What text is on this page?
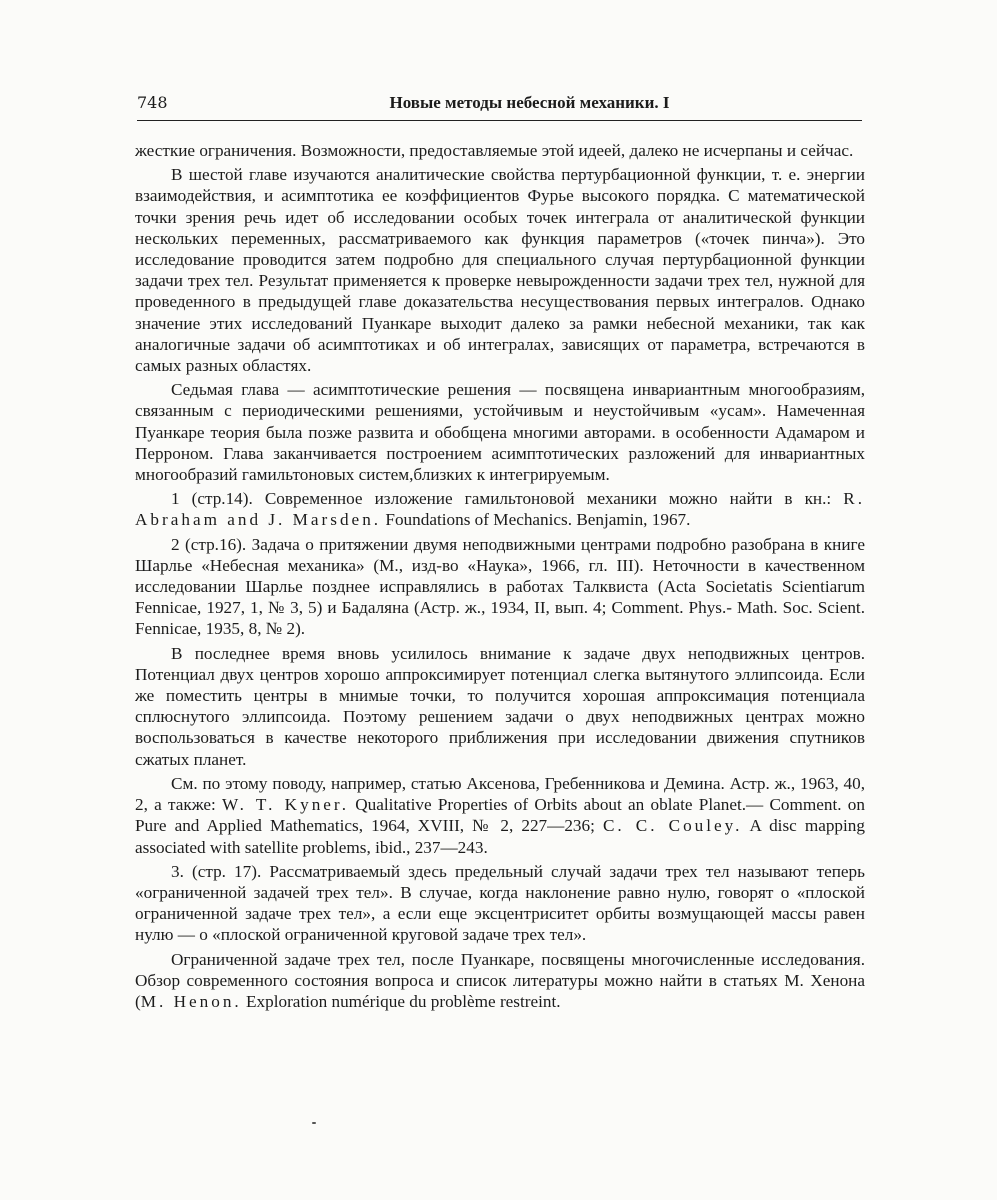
748	Новые методы небесной механики. I

жесткие ограничения. Возможности, предоставляемые этой идеей, далеко не исчерпаны и сейчас.

В шестой главе изучаются аналитические свойства пертурбационной функции, т. е. энергии взаимодействия, и асимптотика ее коэффициентов Фурье высокого порядка. С математической точки зрения речь идет об исследовании особых точек интеграла от аналитической функции нескольких переменных, рассматриваемого как функция параметров («точек пинча»). Это исследование проводится затем подробно для специального случая пертурбационной функции задачи трех тел. Результат применяется к проверке невырожденности задачи трех тел, нужной для проведенного в предыдущей главе доказательства несуществования первых интегралов. Однако значение этих исследований Пуанкаре выходит далеко за рамки небесной механики, так как аналогичные задачи об асимптотиках и об интегралах, зависящих от параметра, встречаются в самых разных областях.

Седьмая глава — асимптотические решения — посвящена инвариантным многообразиям, связанным с периодическими решениями, устойчивым и неустойчивым «усам». Намеченная Пуанкаре теория была позже развита и обобщена многими авторами. в особенности Адамаром и Перроном. Глава заканчивается построением асимптотических разложений для инвариантных многообразий гамильтоновых систем,близких к интегрируемым.

1 (стр.14). Современное изложение гамильтоновой механики можно найти в кн.: R. Abraham and J. Marsden. Foundations of Mechanics. Benjamin, 1967.

2 (стр.16). Задача о притяжении двумя неподвижными центрами подробно разобрана в книге Шарлье «Небесная механика» (М., изд-во «Наука», 1966, гл. III). Неточности в качественном исследовании Шарлье позднее исправлялись в работах Талквиста (Acta Societatis Scientiarum Fennicae, 1927, 1, № 3, 5) и Бадаляна (Астр. ж., 1934, II, вып. 4; Comment. Phys.- Math. Soc. Scient. Fennicae, 1935, 8, № 2).

В последнее время вновь усилилось внимание к задаче двух неподвижных центров. Потенциал двух центров хорошо аппроксимирует потенциал слегка вытянутого эллипсоида. Если же поместить центры в мнимые точки, то получится хорошая аппроксимация потенциала сплюснутого эллипсоида. Поэтому решением задачи о двух неподвижных центрах можно воспользоваться в качестве некоторого приближения при исследовании движения спутников сжатых планет.

См. по этому поводу, например, статью Аксенова, Гребенникова и Демина. Астр. ж., 1963, 40, 2, а также: W. T. Kyner. Qualitative Properties of Orbits about an oblate Planet.— Comment. on Pure and Applied Mathematics, 1964, XVIII, № 2, 227—236; C. C. Couley. A disc mapping associated with satellite problems, ibid., 237—243.

3. (стр. 17). Рассматриваемый здесь предельный случай задачи трех тел называют теперь «ограниченной задачей трех тел». В случае, когда наклонение равно нулю, говорят о «плоской ограниченной задаче трех тел», а если еще эксцентриситет орбиты возмущающей массы равен нулю — о «плоской ограниченной круговой задаче трех тел».

Ограниченной задаче трех тел, после Пуанкаре, посвящены многочисленные исследования. Обзор современного состояния вопроса и список литературы можно найти в статьях М. Хенона (M. Henon. Exploration numérique du problème restreint.
